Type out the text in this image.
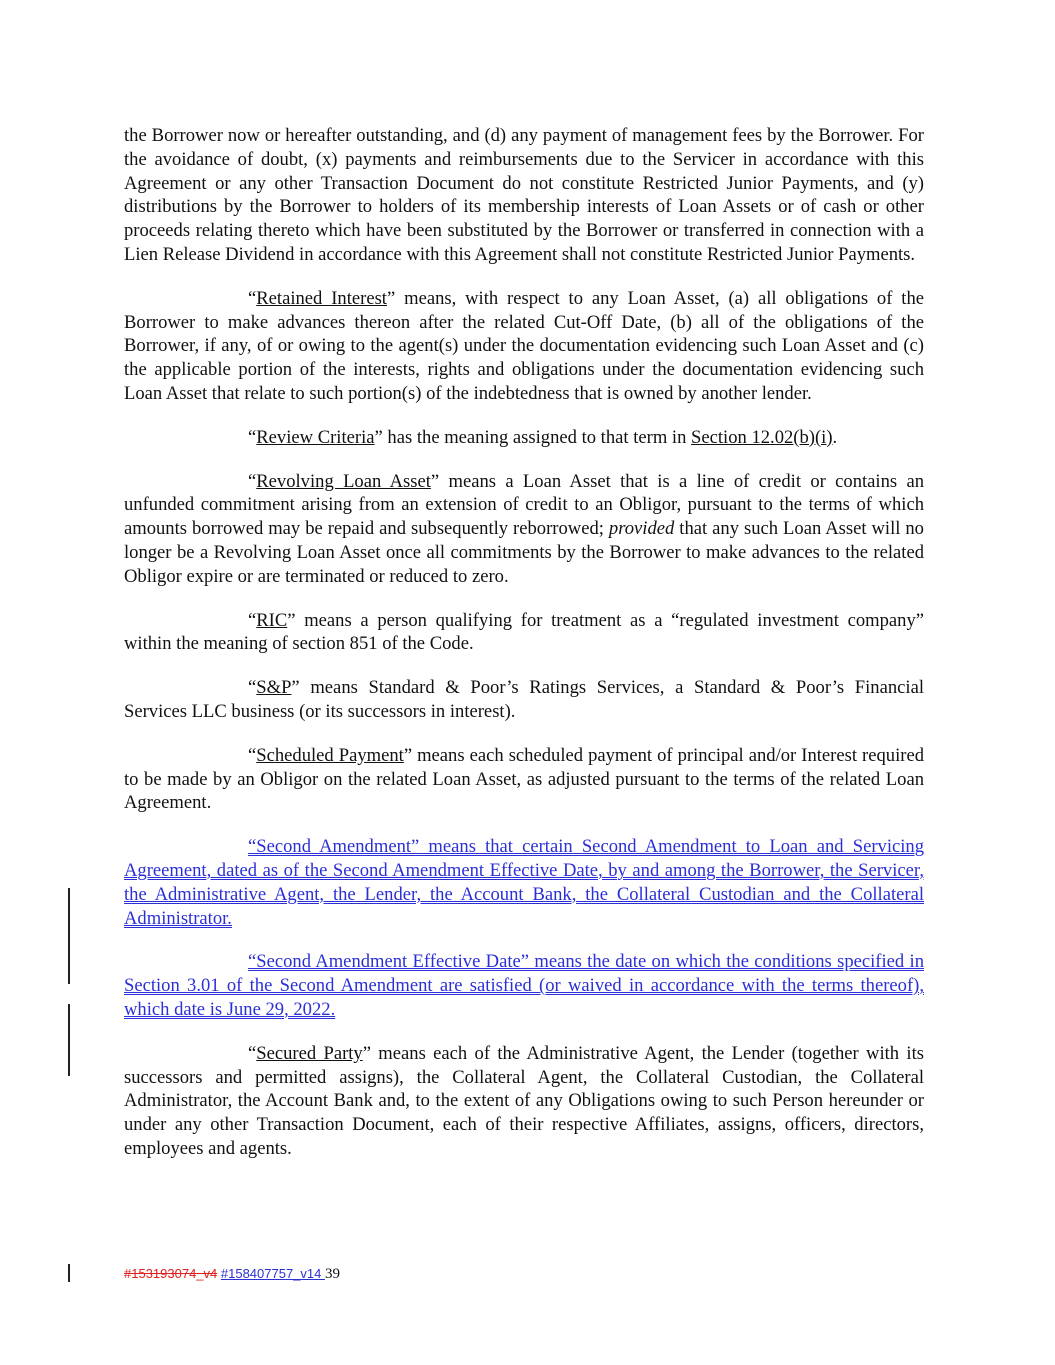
the Borrower now or hereafter outstanding, and (d) any payment of management fees by the Borrower. For the avoidance of doubt, (x) payments and reimbursements due to the Servicer in accordance with this Agreement or any other Transaction Document do not constitute Restricted Junior Payments, and (y) distributions by the Borrower to holders of its membership interests of Loan Assets or of cash or other proceeds relating thereto which have been substituted by the Borrower or transferred in connection with a Lien Release Dividend in accordance with this Agreement shall not constitute Restricted Junior Payments.

“Retained Interest” means, with respect to any Loan Asset, (a) all obligations of the Borrower to make advances thereon after the related Cut-Off Date, (b) all of the obligations of the Borrower, if any, of or owing to the agent(s) under the documentation evidencing such Loan Asset and (c) the applicable portion of the interests, rights and obligations under the documentation evidencing such Loan Asset that relate to such portion(s) of the indebtedness that is owned by another lender.

“Review Criteria” has the meaning assigned to that term in Section 12.02(b)(i).

“Revolving Loan Asset” means a Loan Asset that is a line of credit or contains an unfunded commitment arising from an extension of credit to an Obligor, pursuant to the terms of which amounts borrowed may be repaid and subsequently reborrowed; provided that any such Loan Asset will no longer be a Revolving Loan Asset once all commitments by the Borrower to make advances to the related Obligor expire or are terminated or reduced to zero.

“RIC” means a person qualifying for treatment as a “regulated investment company” within the meaning of section 851 of the Code.

“S&P” means Standard & Poor’s Ratings Services, a Standard & Poor’s Financial Services LLC business (or its successors in interest).

“Scheduled Payment” means each scheduled payment of principal and/or Interest required to be made by an Obligor on the related Loan Asset, as adjusted pursuant to the terms of the related Loan Agreement.

“Second Amendment” means that certain Second Amendment to Loan and Servicing Agreement, dated as of the Second Amendment Effective Date, by and among the Borrower, the Servicer, the Administrative Agent, the Lender, the Account Bank, the Collateral Custodian and the Collateral Administrator.

“Second Amendment Effective Date” means the date on which the conditions specified in Section 3.01 of the Second Amendment are satisfied (or waived in accordance with the terms thereof), which date is June 29, 2022.

“Secured Party” means each of the Administrative Agent, the Lender (together with its successors and permitted assigns), the Collateral Agent, the Collateral Custodian, the Collateral Administrator, the Account Bank and, to the extent of any Obligations owing to such Person hereunder or under any other Transaction Document, each of their respective Affiliates, assigns, officers, directors, employees and agents.

#153193074_v4 #158407757_v14 39
